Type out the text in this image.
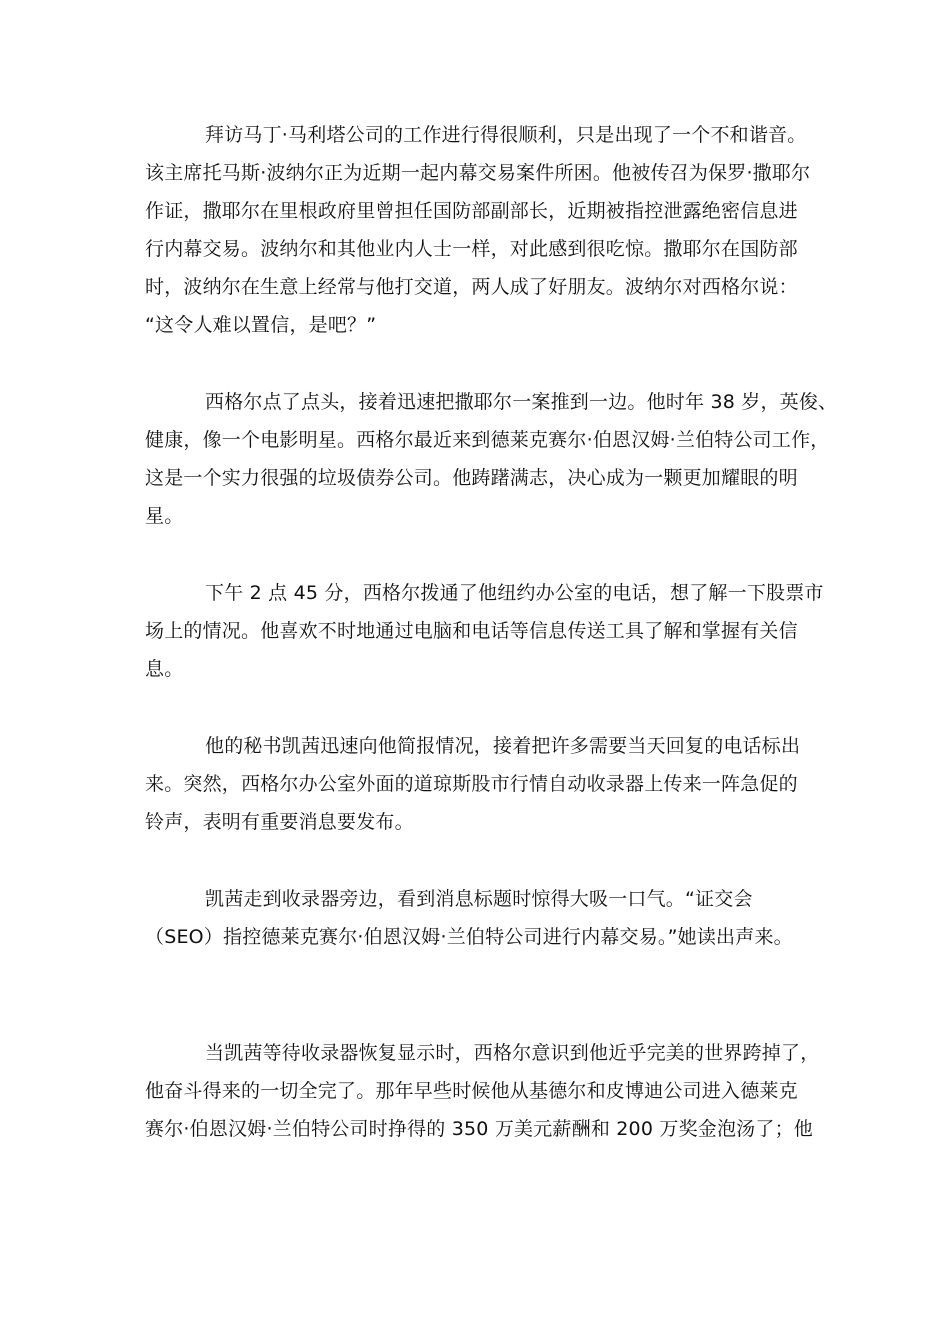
拜访马丁·马利塔公司的工作进行得很顺利，只是出现了一个不和谐音。
该主席托马斯·波纳尔正为近期一起内幕交易案件所困。他被传召为保罗·撒耶尔
作证，撒耶尔在里根政府里曾担任国防部副部长，近期被指控泄露绝密信息进
行内幕交易。波纳尔和其他业内人士一样，对此感到很吃惊。撒耶尔在国防部
时，波纳尔在生意上经常与他打交道，两人成了好朋友。波纳尔对西格尔说：
“这令人难以置信，是吧？”
西格尔点了点头，接着迅速把撒耶尔一案推到一边。他时年 38 岁，英俊、
健康，像一个电影明星。西格尔最近来到德莱克赛尔·伯恩汉姆·兰伯特公司工作，
这是一个实力很强的垃圾债券公司。他踌躇满志，决心成为一颗更加耀眼的明
星。
下午 2 点 45 分，西格尔拨通了他纽约办公室的电话，想了解一下股票市
场上的情况。他喜欢不时地通过电脑和电话等信息传送工具了解和掌握有关信
息。
他的秘书凯茜迅速向他简报情况，接着把许多需要当天回复的电话标出
来。突然，西格尔办公室外面的道琼斯股市行情自动收录器上传来一阵急促的
铃声，表明有重要消息要发布。
凯茜走到收录器旁边，看到消息标题时惊得大吸一口气。“证交会
（SEO）指控德莱克赛尔·伯恩汉姆·兰伯特公司进行内幕交易。”她读出声来。
当凯茜等待收录器恢复显示时，西格尔意识到他近乎完美的世界跨掉了，
他奋斗得来的一切全完了。那年早些时候他从基德尔和皮博迪公司进入德莱克
赛尔·伯恩汉姆·兰伯特公司时挣得的 350 万美元薪酬和 200 万奖金泡汤了；他
